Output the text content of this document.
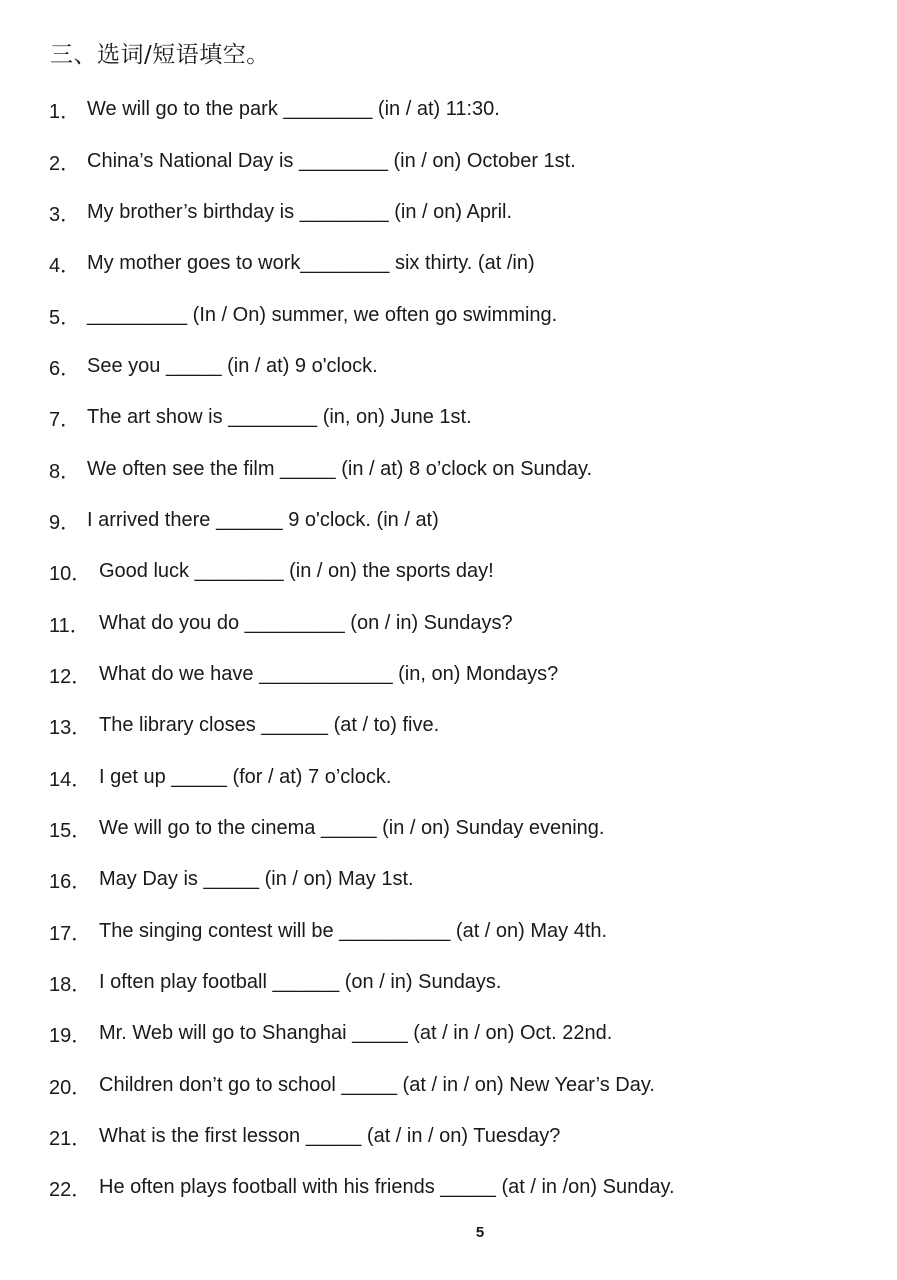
三、选词/短语填空。
1． We will go to the park ________ (in / at) 11:30.
2． China’s National Day is ________ (in / on) October 1st.
3． My brother’s birthday is ________ (in / on) April.
4． My mother goes to work________ six thirty. (at /in)
5． _________ (In / On) summer, we often go swimming.
6． See you _____ (in / at) 9 o'clock.
7． The art show is ________ (in, on) June 1st.
8． We often see the film _____ (in / at) 8 o’clock on Sunday.
9． I arrived there ______ 9 o'clock. (in / at)
10． Good luck ________ (in / on) the sports day!
11． What do you do _________ (on / in) Sundays?
12． What do we have ____________ (in, on) Mondays?
13． The library closes ______ (at / to) five.
14． I get up _____ (for / at) 7 o’clock.
15． We will go to the cinema _____ (in / on) Sunday evening.
16． May Day is _____ (in / on) May 1st.
17． The singing contest will be __________ (at / on) May 4th.
18． I often play football ______ (on / in) Sundays.
19． Mr. Web will go to Shanghai _____ (at / in / on) Oct. 22nd.
20． Children don’t go to school _____ (at / in / on) New Year’s Day.
21． What is the first lesson _____ (at / in / on) Tuesday?
22． He often plays football with his friends _____ (at / in /on) Sunday.
5
